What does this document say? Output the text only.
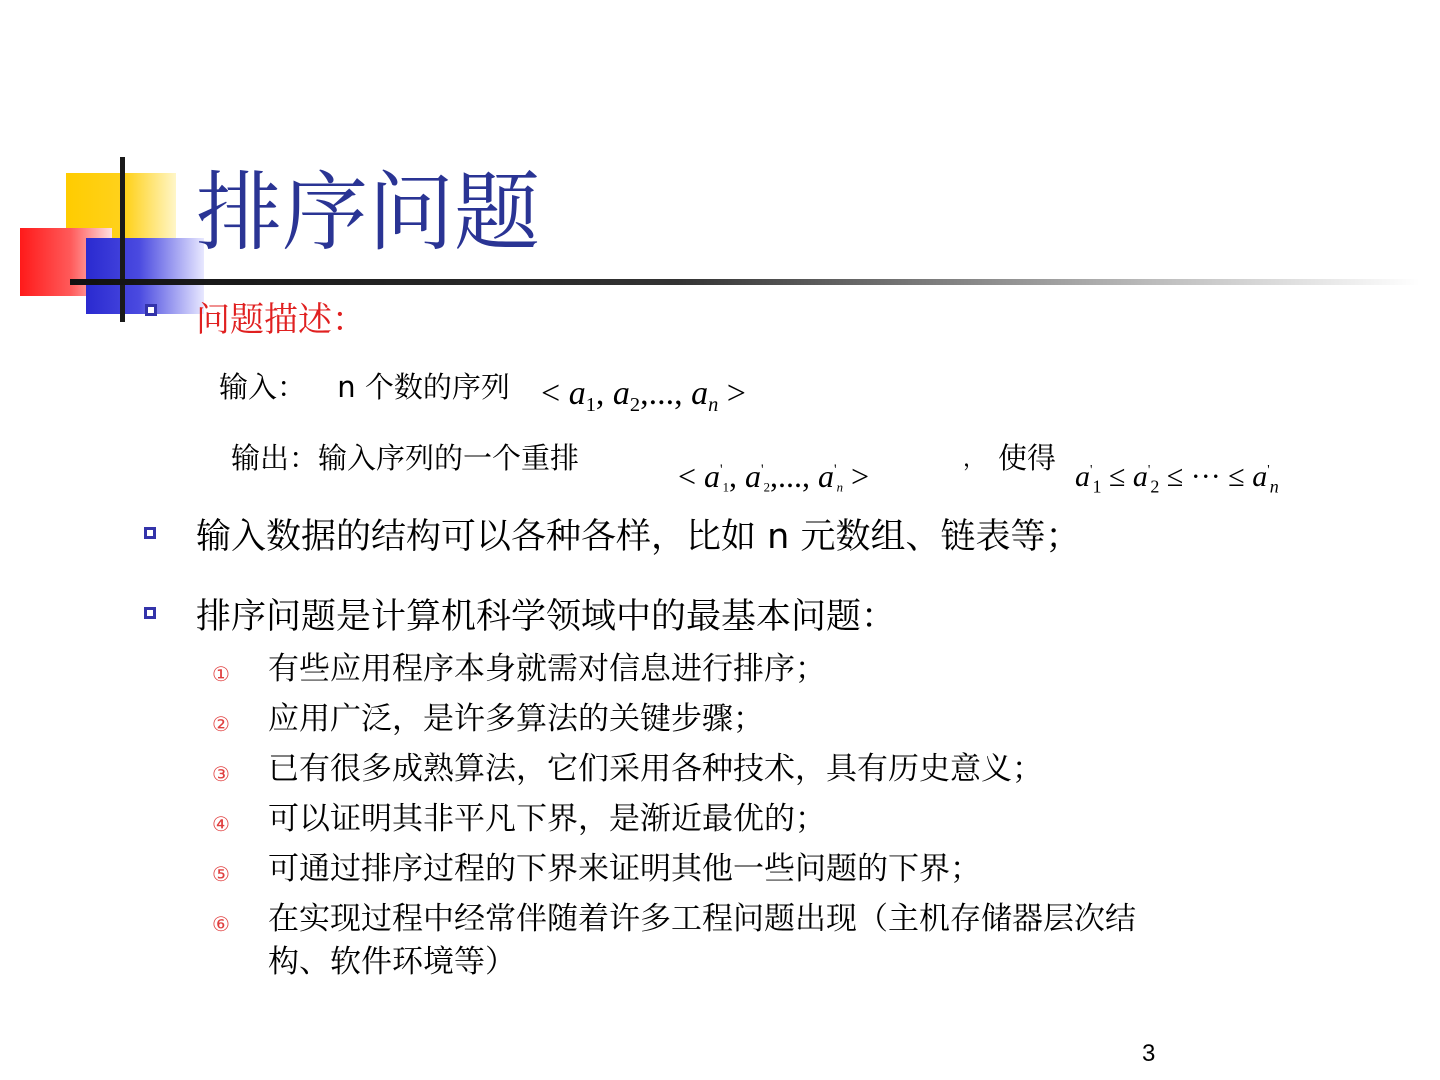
排序问题
问题描述：
输入： n 个数的序列 < $a_1$, $a_2$,..., $a_n$ >
输出：输入序列的一个重排	< $a'_1$, $a'_2$,..., $a'_n$ >	， 使得
$a'_1 \le a'_2$ ≤ ··· ≤ $a'_n$
输入数据的结构可以各种各样，比如 n 元数组、链表等；
排序问题是计算机科学领域中的最基本问题：
① 有些应用程序本身就需对信息进行排序；
② 应用广泛，是许多算法的关键步骤；
③ 已有很多成熟算法，它们采用各种技术，具有历史意义；
④ 可以证明其非平凡下界，是渐近最优的；
⑤ 可通过排序过程的下界来证明其他一些问题的下界；
⑥ 在实现过程中经常伴随着许多工程问题出现（主机存储器层次结
构、软件环境等）
3
